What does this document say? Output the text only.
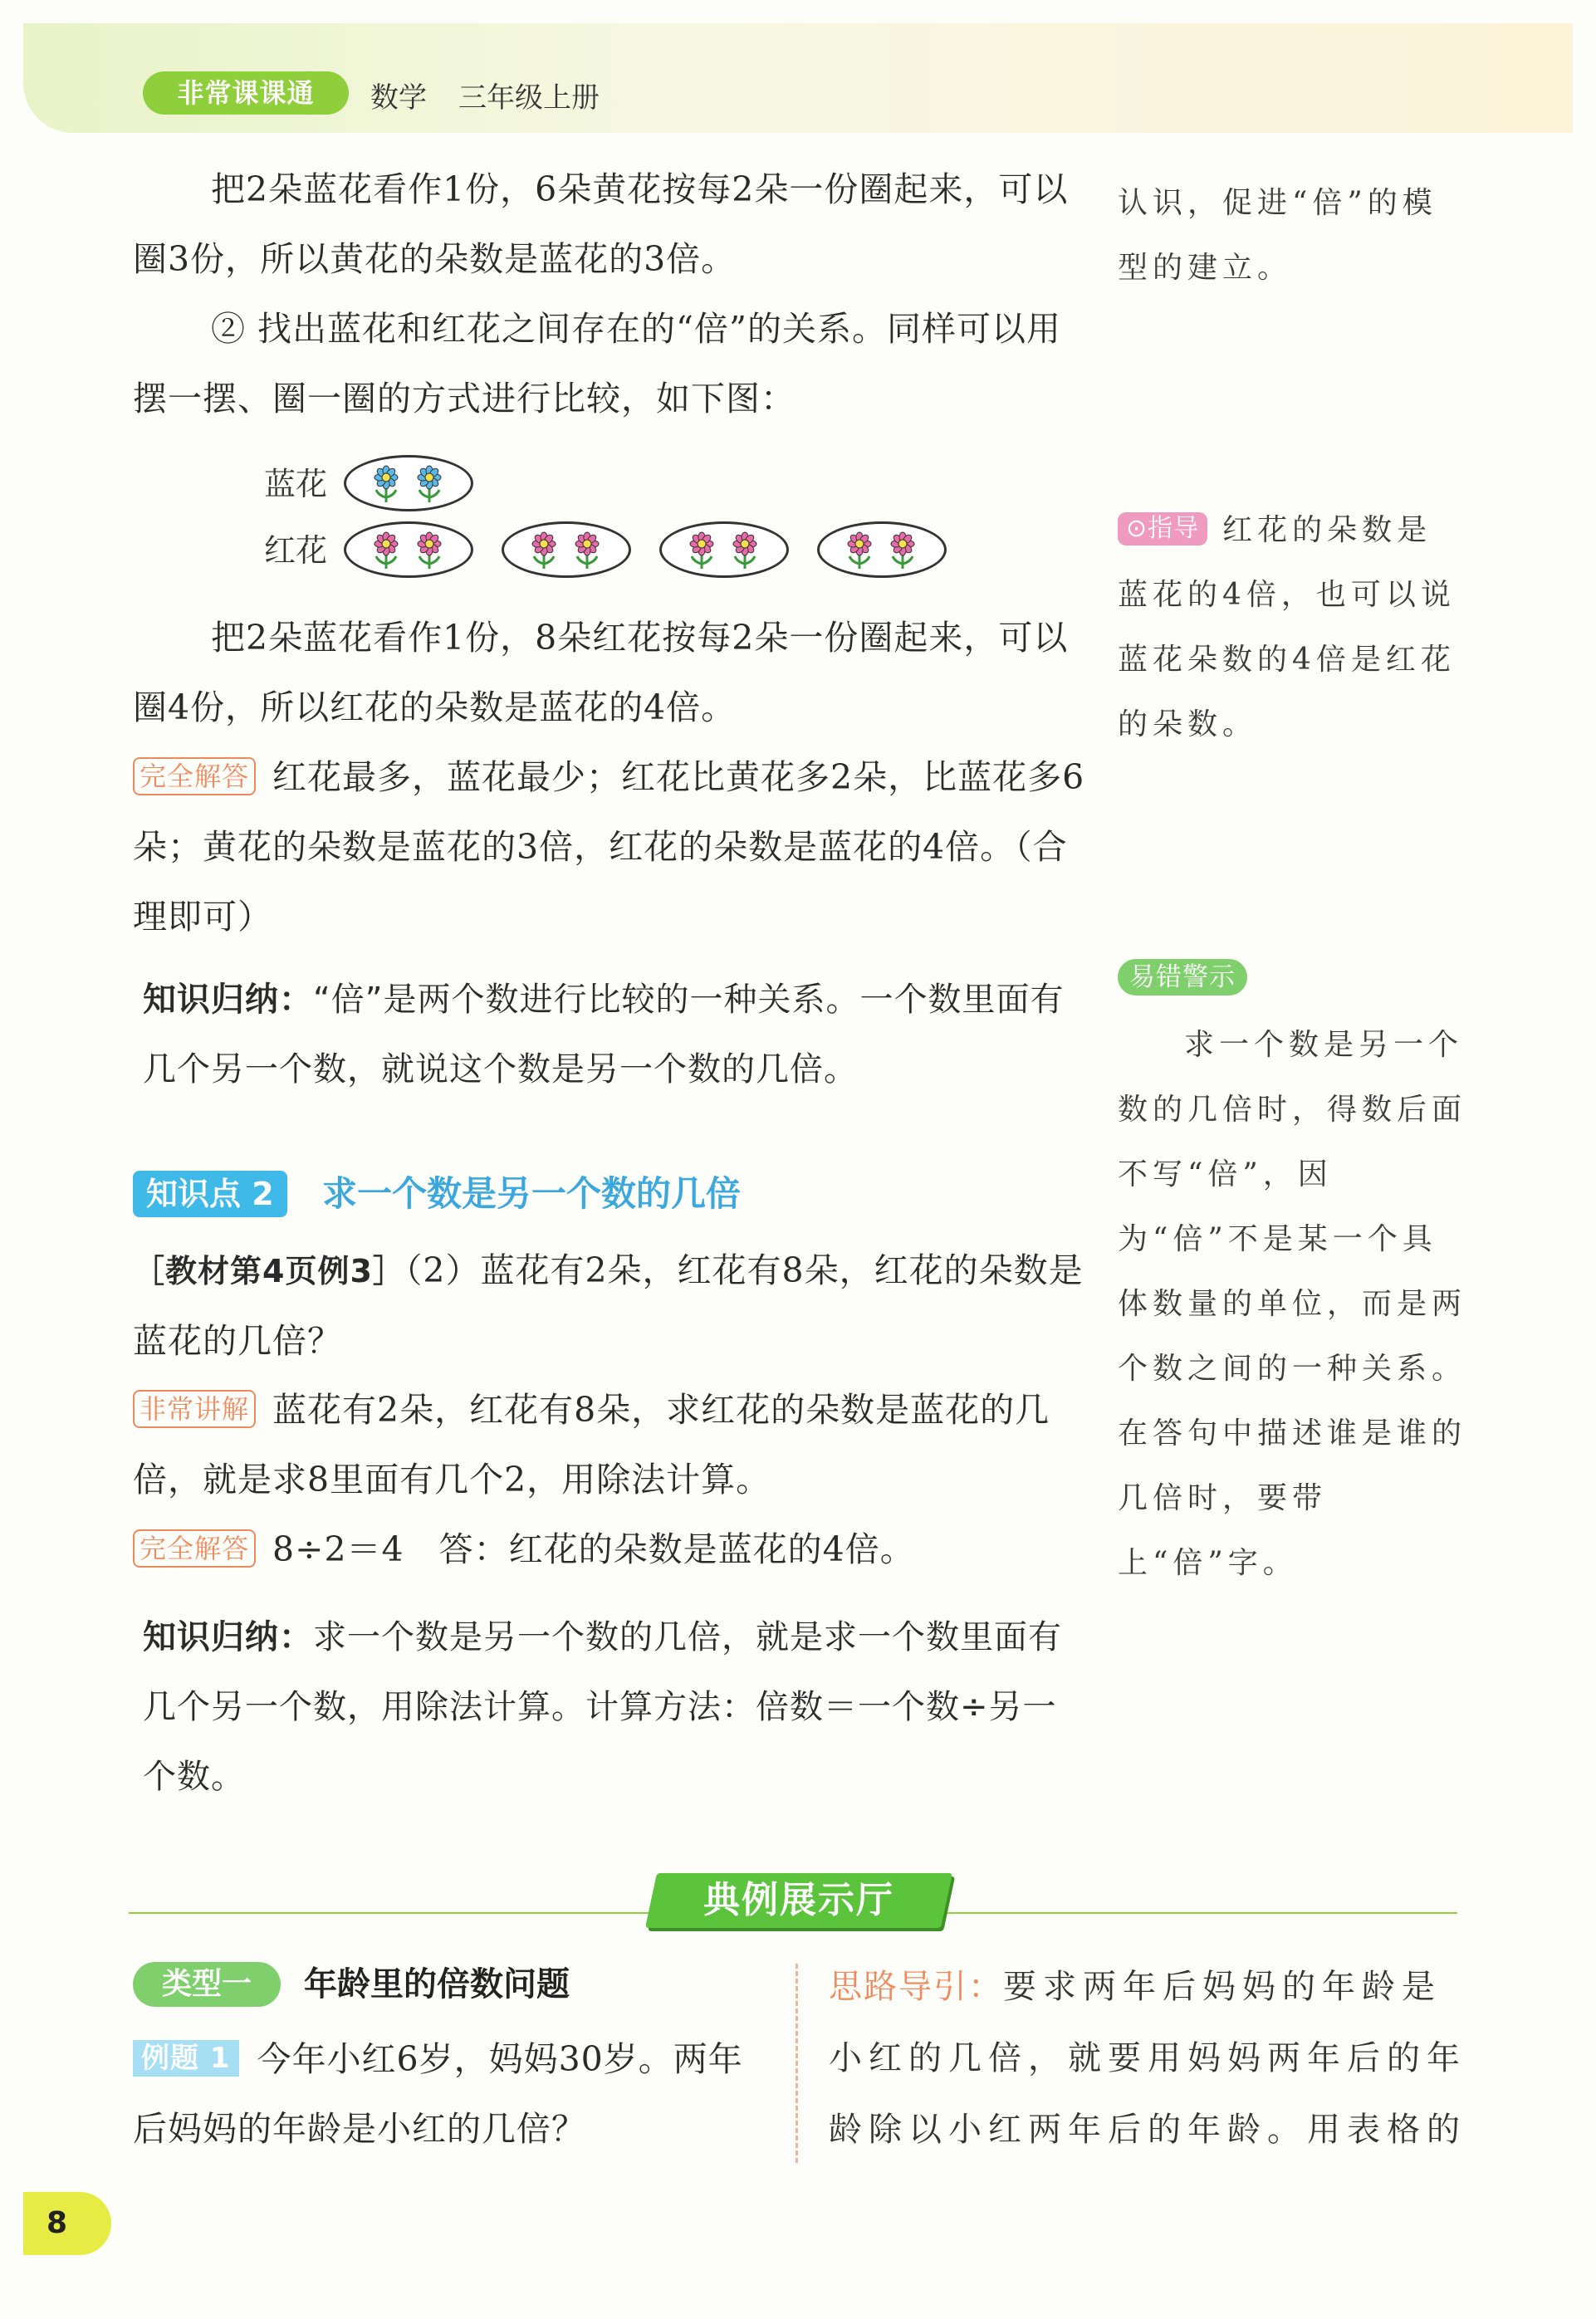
非常课课通	数学 三年级上册
把2朵蓝花看作1份，6朵黄花按每2朵一份圈起来，可以圈3份，所以黄花的朵数是蓝花的3倍。
② 找出蓝花和红花之间存在的“倍”的关系。同样可以用摆一摆、圈一圈的方式进行比较，如下图：
蓝花
红花
把2朵蓝花看作1份，8朵红花按每2朵一份圈起来，可以圈4份，所以红花的朵数是蓝花的4倍。
完全解答 红花最多，蓝花最少；红花比黄花多2朵，比蓝花多6朵；黄花的朵数是蓝花的3倍，红花的朵数是蓝花的4倍。（合理即可）
知识归纳：“倍”是两个数进行比较的一种关系。一个数里面有几个另一个数，就说这个数是另一个数的几倍。
知识点 2	求一个数是另一个数的几倍
［教材第4页例3］（2）蓝花有2朵，红花有8朵，红花的朵数是蓝花的几倍？
非常讲解 蓝花有2朵，红花有8朵，求红花的朵数是蓝花的几倍，就是求8里面有几个2，用除法计算。
完全解答 8÷2＝4　答：红花的朵数是蓝花的4倍。
知识归纳：求一个数是另一个数的几倍，就是求一个数里面有几个另一个数，用除法计算。计算方法：倍数＝一个数÷另一个数。
认识，促进“倍”的模型的建立。
⊙指导 红花的朵数是蓝花的4倍，也可以说蓝花朵数的4倍是红花的朵数。
易错警示
求一个数是另一个数的几倍时，得数后面不写“倍”，因为“倍”不是某一个具体数量的单位，而是两个数之间的一种关系。在答句中描述谁是谁的几倍时，要带上“倍”字。
典例展示厅
类型一	年龄里的倍数问题
例题 1 今年小红6岁，妈妈30岁。两年后妈妈的年龄是小红的几倍？
思路导引：要求两年后妈妈的年龄是小红的几倍，就要用妈妈两年后的年龄除以小红两年后的年龄。用表格的
8
